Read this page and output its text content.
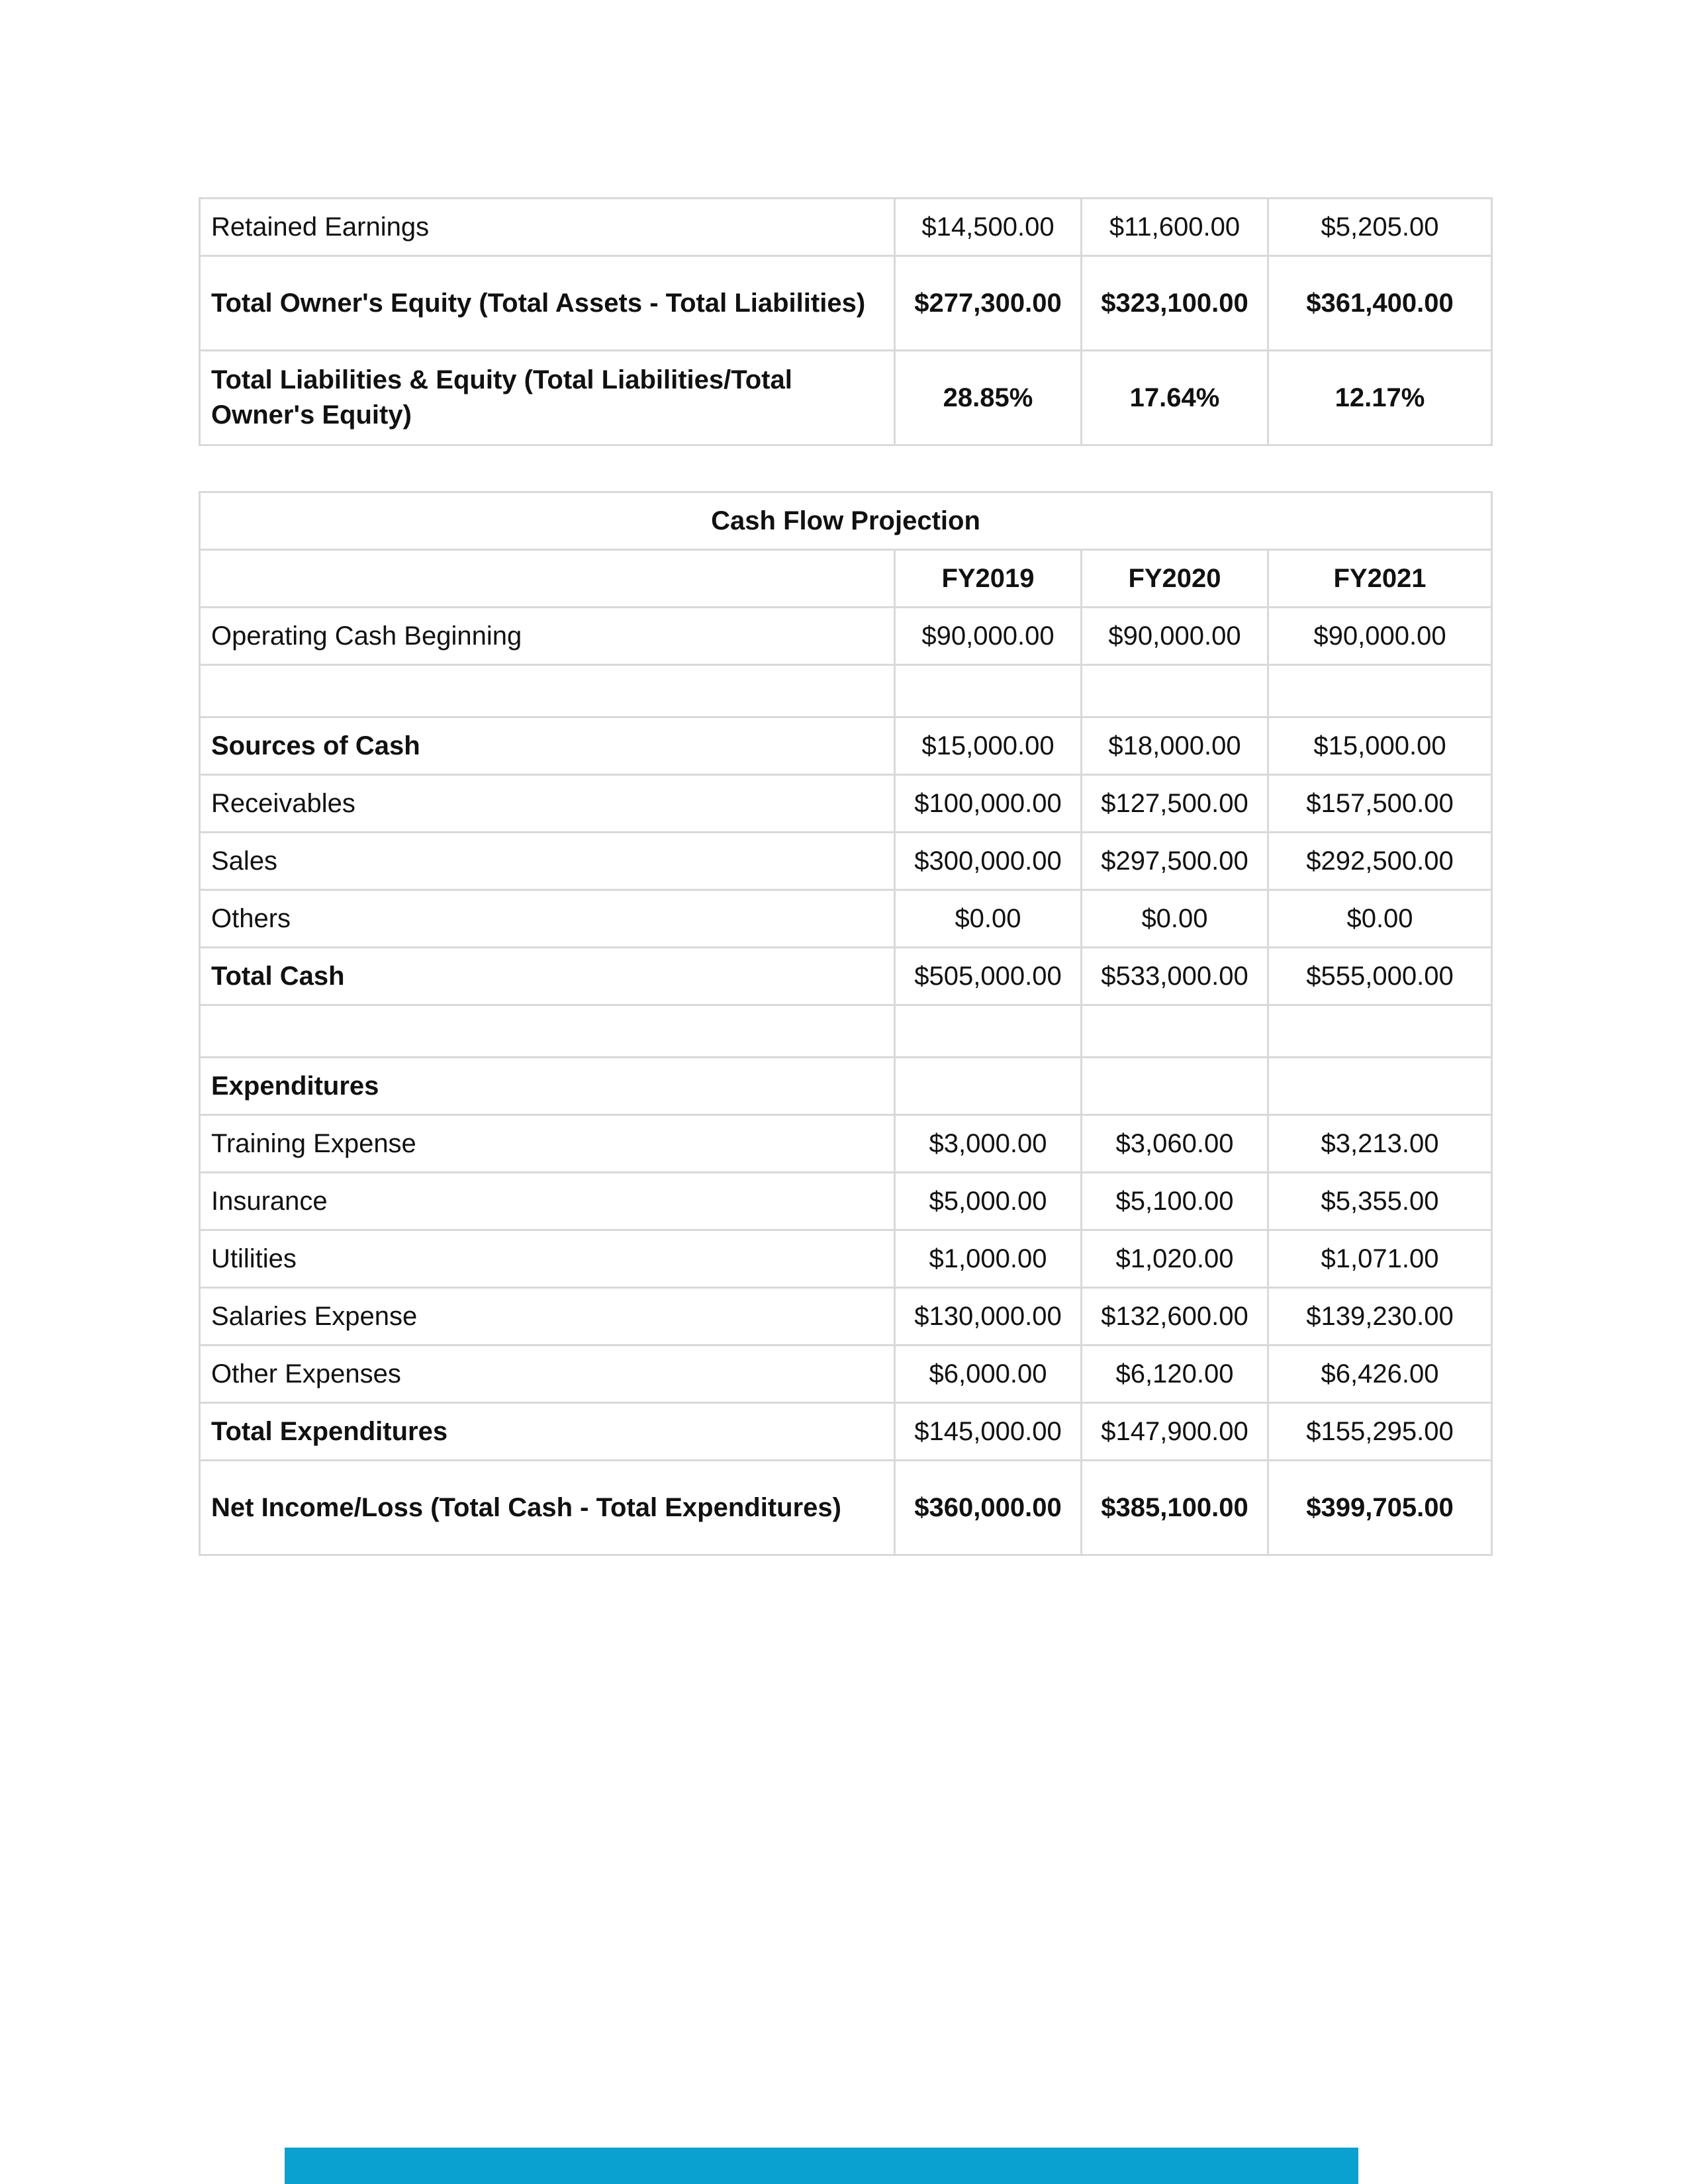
Retained Earnings	$14,500.00	$11,600.00	$5,205.00
Total Owner's Equity (Total Assets - Total Liabilities)	$277,300.00	$323,100.00	$361,400.00
Total Liabilities & Equity (Total Liabilities/Total Owner's Equity)	28.85%	17.64%	12.17%
Cash Flow Projection			
	FY2019	FY2020	FY2021
Operating Cash Beginning	$90,000.00	$90,000.00	$90,000.00

Sources of Cash	$15,000.00	$18,000.00	$15,000.00
Receivables	$100,000.00	$127,500.00	$157,500.00
Sales	$300,000.00	$297,500.00	$292,500.00
Others	$0.00	$0.00	$0.00
Total Cash	$505,000.00	$533,000.00	$555,000.00

Expenditures			
Training Expense	$3,000.00	$3,060.00	$3,213.00
Insurance	$5,000.00	$5,100.00	$5,355.00
Utilities	$1,000.00	$1,020.00	$1,071.00
Salaries Expense	$130,000.00	$132,600.00	$139,230.00
Other Expenses	$6,000.00	$6,120.00	$6,426.00
Total Expenditures	$145,000.00	$147,900.00	$155,295.00
Net Income/Loss (Total Cash - Total Expenditures)	$360,000.00	$385,100.00	$399,705.00
